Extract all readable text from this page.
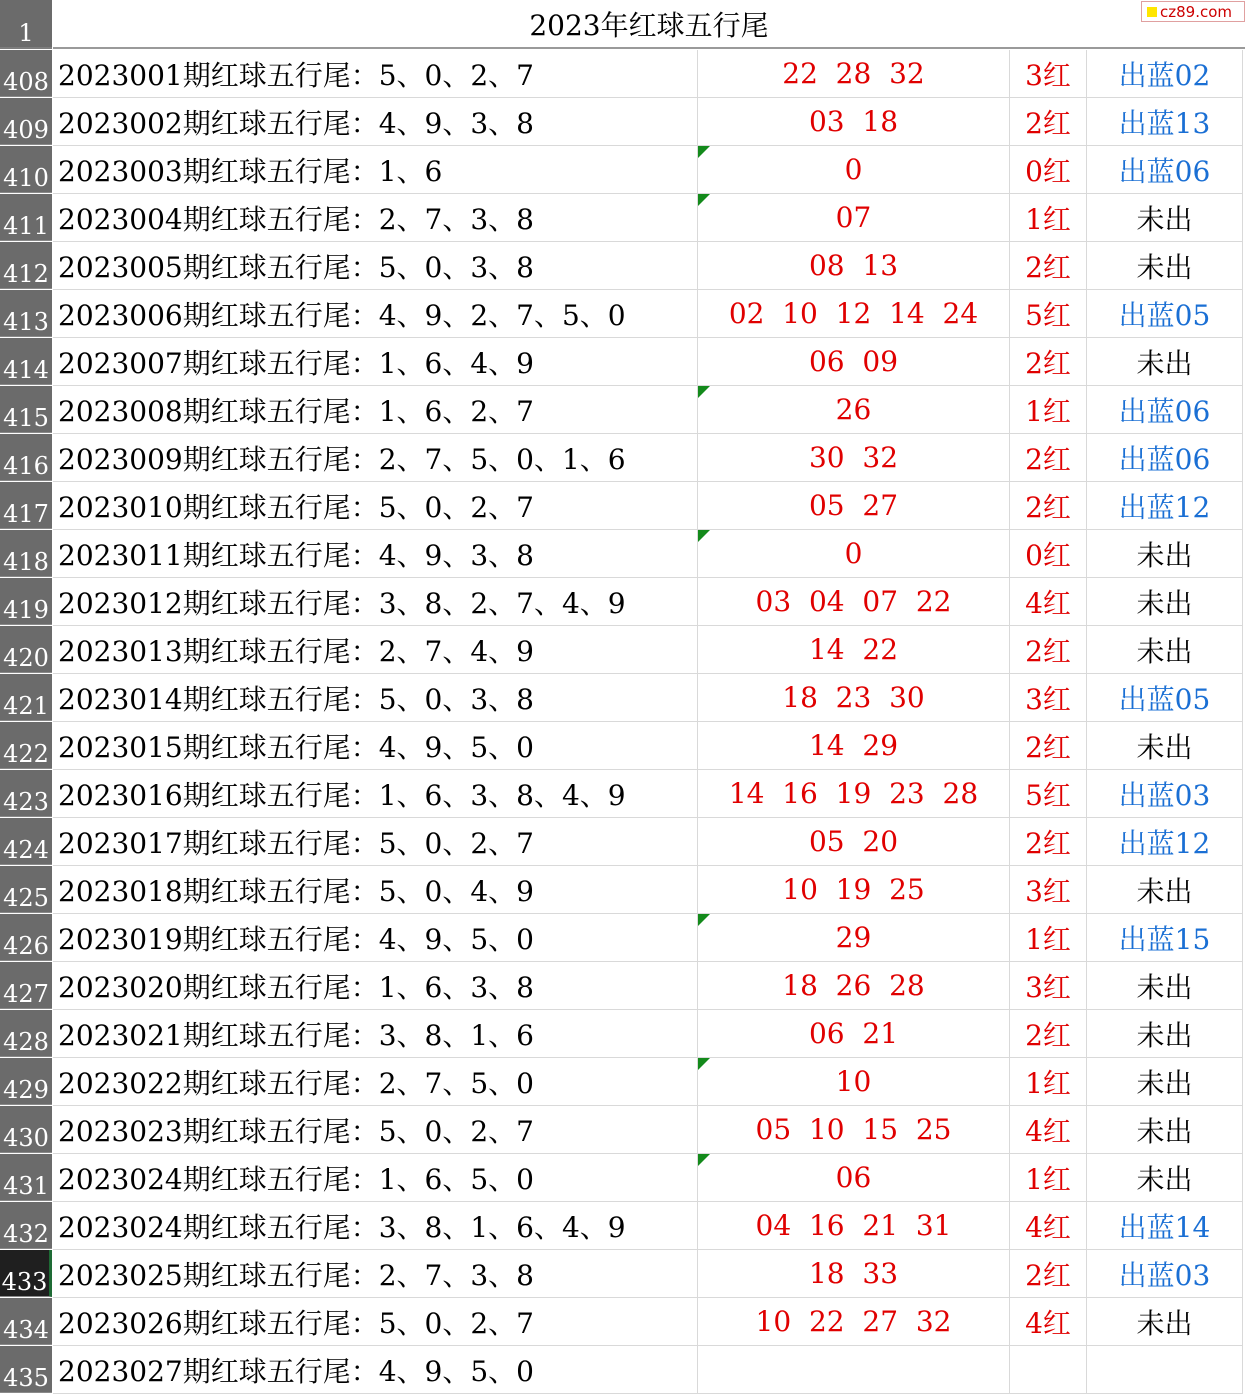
1	2023年红球五行尾	cz89.com
408 2023001期红球五行尾：5、0、2、7	22  28  32	3红	出蓝02
409 2023002期红球五行尾：4、9、3、8	03  18	2红	出蓝13
410 2023003期红球五行尾：1、6	0	0红	出蓝06
411 2023004期红球五行尾：2、7、3、8	07	1红	未出
412 2023005期红球五行尾：5、0、3、8	08  13	2红	未出
413 2023006期红球五行尾：4、9、2、7、5、0	02  10  12  14  24	5红	出蓝05
414 2023007期红球五行尾：1、6、4、9	06  09	2红	未出
415 2023008期红球五行尾：1、6、2、7	26	1红	出蓝06
416 2023009期红球五行尾：2、7、5、0、1、6	30  32	2红	出蓝06
417 2023010期红球五行尾：5、0、2、7	05  27	2红	出蓝12
418 2023011期红球五行尾：4、9、3、8	0	0红	未出
419 2023012期红球五行尾：3、8、2、7、4、9	03  04  07  22	4红	未出
420 2023013期红球五行尾：2、7、4、9	14  22	2红	未出
421 2023014期红球五行尾：5、0、3、8	18  23  30	3红	出蓝05
422 2023015期红球五行尾：4、9、5、0	14  29	2红	未出
423 2023016期红球五行尾：1、6、3、8、4、9	14  16  19  23  28	5红	出蓝03
424 2023017期红球五行尾：5、0、2、7	05  20	2红	出蓝12
425 2023018期红球五行尾：5、0、4、9	10  19  25	3红	未出
426 2023019期红球五行尾：4、9、5、0	29	1红	出蓝15
427 2023020期红球五行尾：1、6、3、8	18  26  28	3红	未出
428 2023021期红球五行尾：3、8、1、6	06  21	2红	未出
429 2023022期红球五行尾：2、7、5、0	10	1红	未出
430 2023023期红球五行尾：5、0、2、7	05  10  15  25	4红	未出
431 2023024期红球五行尾：1、6、5、0	06	1红	未出
432 2023024期红球五行尾：3、8、1、6、4、9	04  16  21  31	4红	出蓝14
433 2023025期红球五行尾：2、7、3、8	18  33	2红	出蓝03
434 2023026期红球五行尾：5、0、2、7	10  22  27  32	4红	未出
435 2023027期红球五行尾：4、9、5、0
